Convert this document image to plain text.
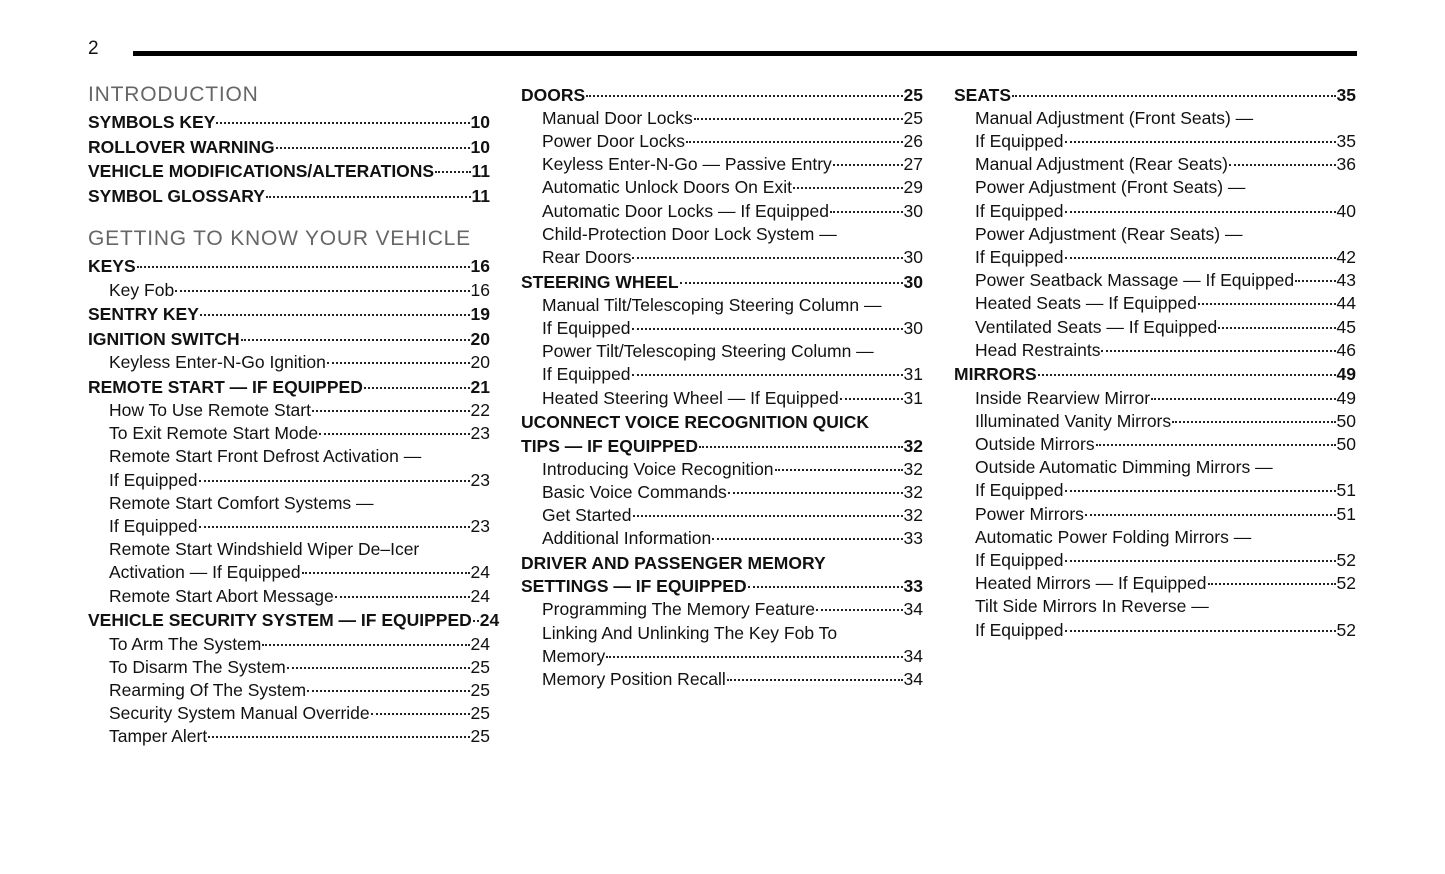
2
INTRODUCTION
SYMBOLS KEY	10
ROLLOVER WARNING	10
VEHICLE MODIFICATIONS/ALTERATIONS 11
SYMBOL GLOSSARY	11
GETTING TO KNOW YOUR VEHICLE
KEYS	16
Key Fob	16
SENTRY KEY	19
IGNITION SWITCH	20
Keyless Enter-N-Go Ignition	20
REMOTE START — IF EQUIPPED	21
How To Use Remote Start	22
To Exit Remote Start Mode	23
Remote Start Front Defrost Activation —
If Equipped	23
Remote Start Comfort Systems —
If Equipped	23
Remote Start Windshield Wiper De–Icer
Activation — If Equipped	24
Remote Start Abort Message	24
VEHICLE SECURITY SYSTEM — IF EQUIPPED 24
To Arm The System	24
To Disarm The System	25
Rearming Of The System	25
Security System Manual Override	25
Tamper Alert	25
DOORS	25
Manual Door Locks	25
Power Door Locks	26
Keyless Enter-N-Go — Passive Entry	27
Automatic Unlock Doors On Exit	29
Automatic Door Locks — If Equipped	30
Child-Protection Door Lock System —
Rear Doors	30
STEERING WHEEL	30
Manual Tilt/Telescoping Steering Column —
If Equipped	30
Power Tilt/Telescoping Steering Column —
If Equipped	31
Heated Steering Wheel — If Equipped	31
UCONNECT VOICE RECOGNITION QUICK
TIPS — IF EQUIPPED	32
Introducing Voice Recognition	32
Basic Voice Commands	32
Get Started	32
Additional Information	33
DRIVER AND PASSENGER MEMORY
SETTINGS — IF EQUIPPED	33
Programming The Memory Feature	34
Linking And Unlinking The Key Fob To
Memory	34
Memory Position Recall	34
SEATS	35
Manual Adjustment (Front Seats) —
If Equipped	35
Manual Adjustment (Rear Seats)	36
Power Adjustment (Front Seats) —
If Equipped	40
Power Adjustment (Rear Seats) —
If Equipped	42
Power Seatback Massage — If Equipped 43
Heated Seats — If Equipped	44
Ventilated Seats — If Equipped	45
Head Restraints	46
MIRRORS	49
Inside Rearview Mirror	49
Illuminated Vanity Mirrors	50
Outside Mirrors	50
Outside Automatic Dimming Mirrors —
If Equipped	51
Power Mirrors	51
Automatic Power Folding Mirrors —
If Equipped	52
Heated Mirrors — If Equipped	52
Tilt Side Mirrors In Reverse —
If Equipped	52
